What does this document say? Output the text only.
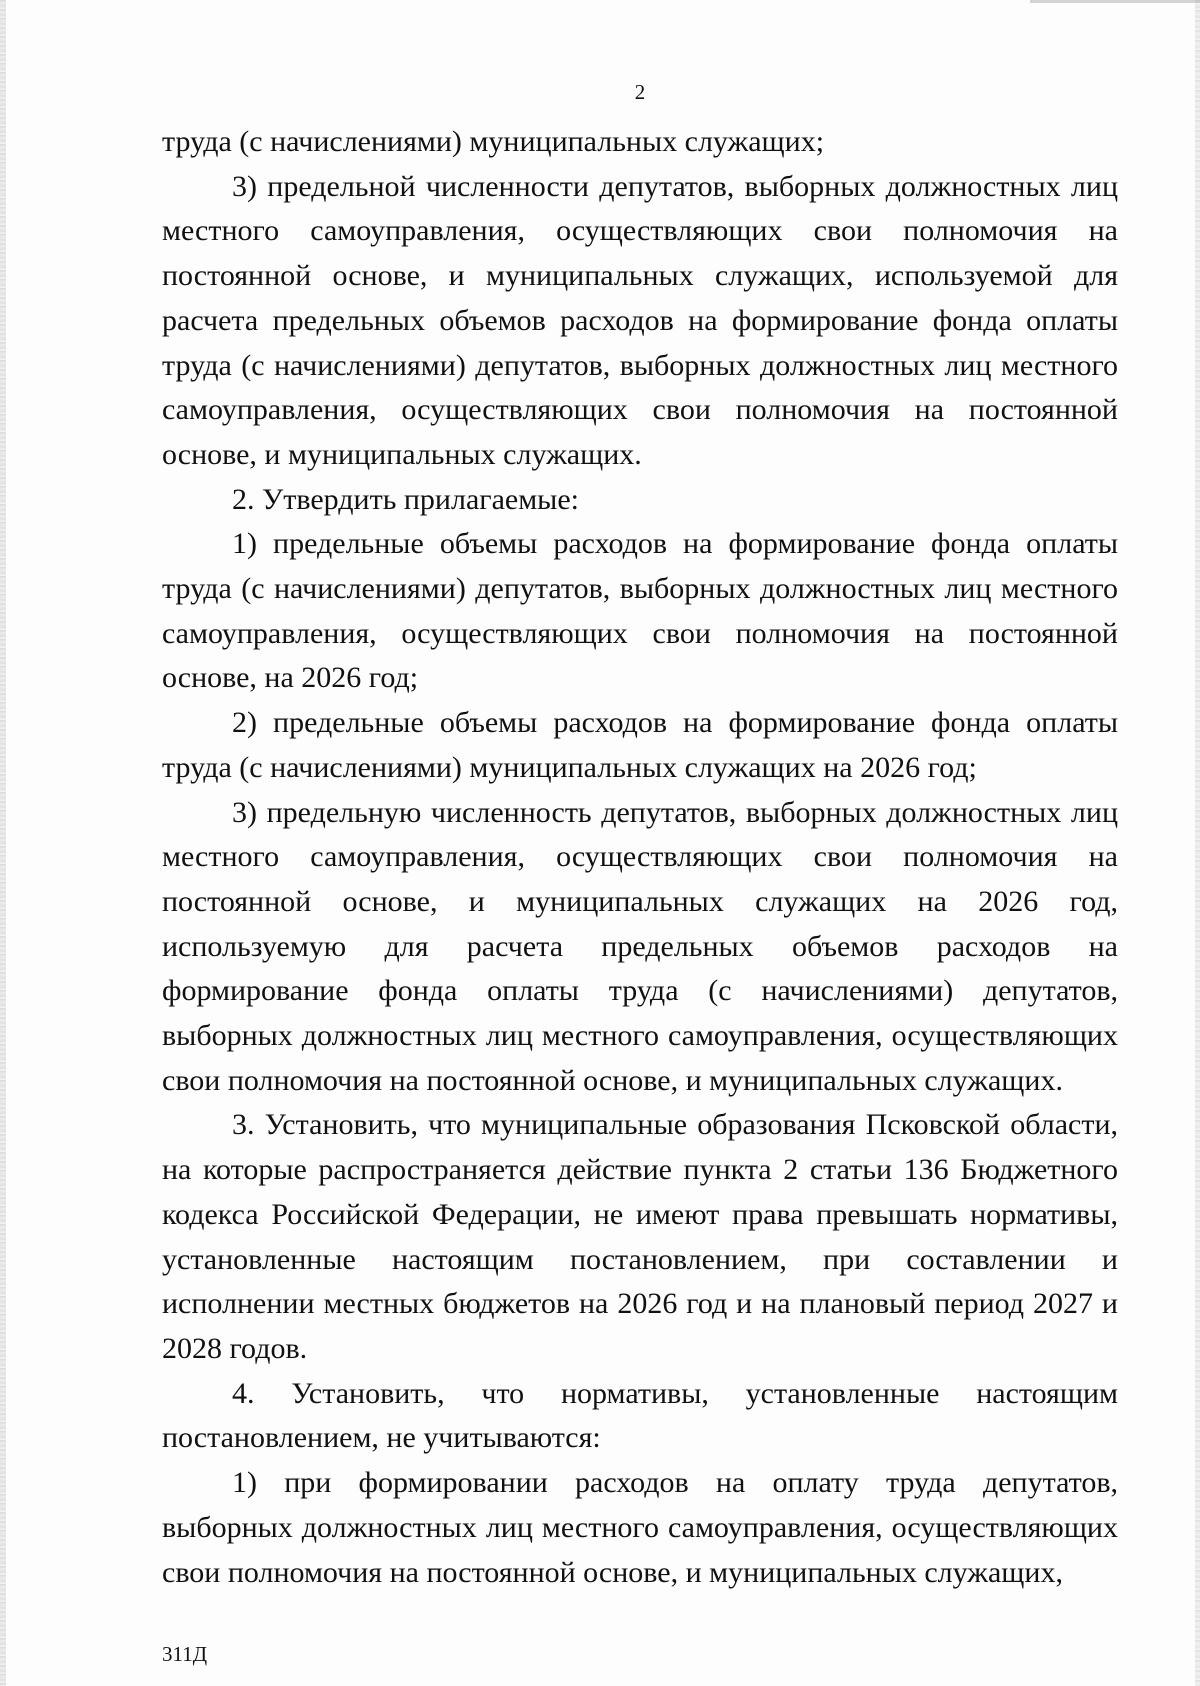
2

труда (с начислениями) муниципальных служащих;

3) предельной численности депутатов, выборных должностных лиц местного самоуправления, осуществляющих свои полномочия на постоянной основе, и муниципальных служащих, используемой для расчета предельных объемов расходов на формирование фонда оплаты труда (с начислениями) депутатов, выборных должностных лиц местного самоуправления, осуществляющих свои полномочия на постоянной основе, и муниципальных служащих.

2. Утвердить прилагаемые:

1) предельные объемы расходов на формирование фонда оплаты труда (с начислениями) депутатов, выборных должностных лиц местного самоуправления, осуществляющих свои полномочия на постоянной основе, на 2026 год;

2) предельные объемы расходов на формирование фонда оплаты труда (с начислениями) муниципальных служащих на 2026 год;

3) предельную численность депутатов, выборных должностных лиц местного самоуправления, осуществляющих свои полномочия на постоянной основе, и муниципальных служащих на 2026 год, используемую для расчета предельных объемов расходов на формирование фонда оплаты труда (с начислениями) депутатов, выборных должностных лиц местного самоуправления, осуществляющих свои полномочия на постоянной основе, и муниципальных служащих.

3. Установить, что муниципальные образования Псковской области, на которые распространяется действие пункта 2 статьи 136 Бюджетного кодекса Российской Федерации, не имеют права превышать нормативы, установленные настоящим постановлением, при составлении и исполнении местных бюджетов на 2026 год и на плановый период 2027 и 2028 годов.

4. Установить, что нормативы, установленные настоящим постановлением, не учитываются:

1) при формировании расходов на оплату труда депутатов, выборных должностных лиц местного самоуправления, осуществляющих свои полномочия на постоянной основе, и муниципальных служащих,

311Д
